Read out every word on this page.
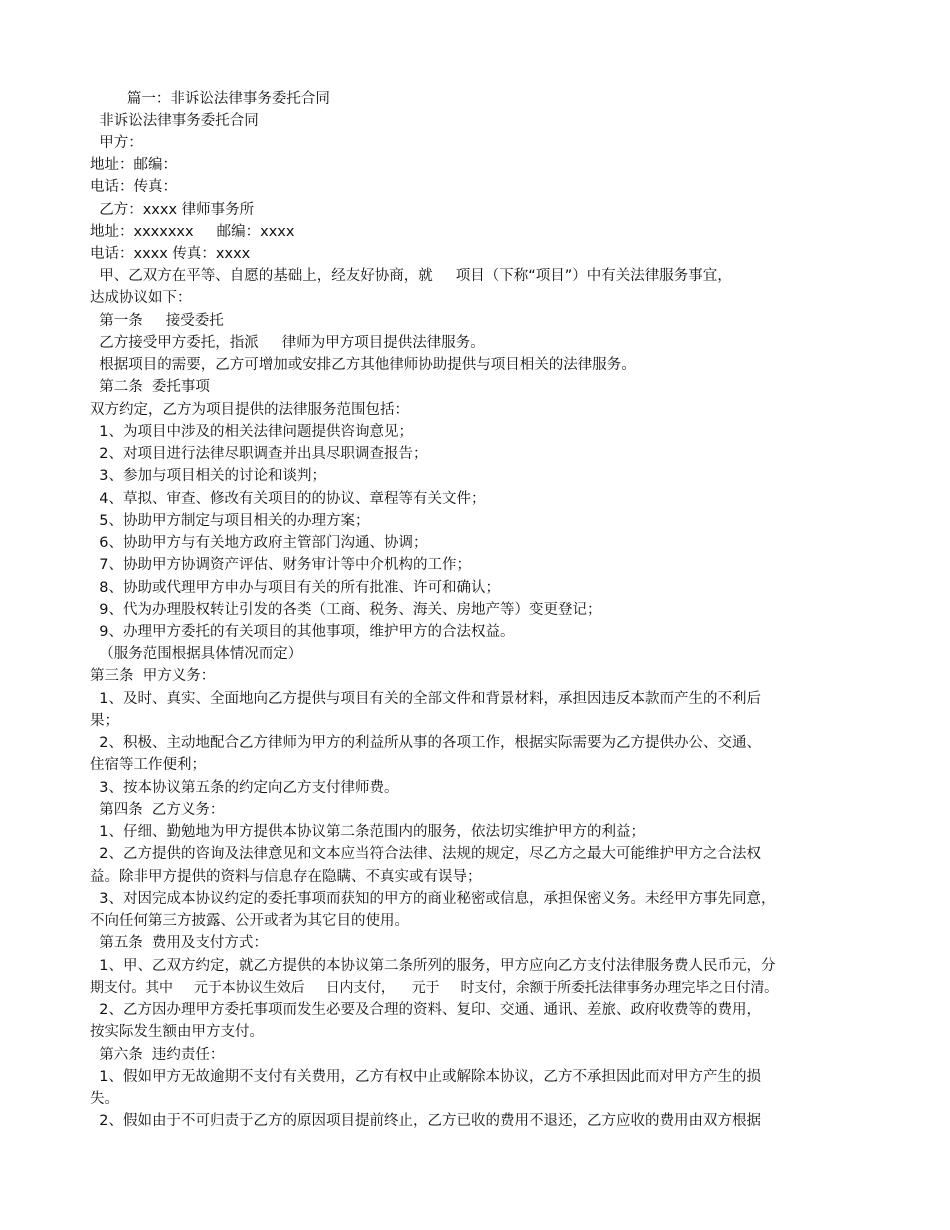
篇一：非诉讼法律事务委托合同
非诉讼法律事务委托合同
甲方：
地址：邮编：
电话：传真：
乙方：xxxx 律师事务所
地址：xxxxxxx     邮编：xxxx
电话：xxxx 传真：xxxx
甲、乙双方在平等、自愿的基础上，经友好协商，就     项目（下称“项目”）中有关法律服务事宜，
达成协议如下：
第一条     接受委托
乙方接受甲方委托，指派     律师为甲方项目提供法律服务。
根据项目的需要，乙方可增加或安排乙方其他律师协助提供与项目相关的法律服务。
第二条  委托事项
双方约定，乙方为项目提供的法律服务范围包括：
1、为项目中涉及的相关法律问题提供咨询意见；
2、对项目进行法律尽职调查并出具尽职调查报告；
3、参加与项目相关的讨论和谈判；
4、草拟、审查、修改有关项目的的协议、章程等有关文件；
5、协助甲方制定与项目相关的办理方案；
6、协助甲方与有关地方政府主管部门沟通、协调；
7、协助甲方协调资产评估、财务审计等中介机构的工作；
8、协助或代理甲方申办与项目有关的所有批准、许可和确认；
9、代为办理股权转让引发的各类（工商、税务、海关、房地产等）变更登记；
9、办理甲方委托的有关项目的其他事项，维护甲方的合法权益。
（服务范围根据具体情况而定）
第三条  甲方义务：
1、及时、真实、全面地向乙方提供与项目有关的全部文件和背景材料，承担因违反本款而产生的不利后
果；
2、积极、主动地配合乙方律师为甲方的利益所从事的各项工作，根据实际需要为乙方提供办公、交通、
住宿等工作便利；
3、按本协议第五条的约定向乙方支付律师费。
第四条  乙方义务：
1、仔细、勤勉地为甲方提供本协议第二条范围内的服务，依法切实维护甲方的利益；
2、乙方提供的咨询及法律意见和文本应当符合法律、法规的规定，尽乙方之最大可能维护甲方之合法权
益。除非甲方提供的资料与信息存在隐瞒、不真实或有误导；
3、对因完成本协议约定的委托事项而获知的甲方的商业秘密或信息，承担保密义务。未经甲方事先同意，
不向任何第三方披露、公开或者为其它目的使用。
第五条  费用及支付方式：
1、甲、乙双方约定，就乙方提供的本协议第二条所列的服务，甲方应向乙方支付法律服务费人民币元，分
期支付。其中     元于本协议生效后     日内支付，    元于     时支付，余额于所委托法律事务办理完毕之日付清。
2、乙方因办理甲方委托事项而发生必要及合理的资料、复印、交通、通讯、差旅、政府收费等的费用，
按实际发生额由甲方支付。
第六条  违约责任：
1、假如甲方无故逾期不支付有关费用，乙方有权中止或解除本协议，乙方不承担因此而对甲方产生的损
失。
2、假如由于不可归责于乙方的原因项目提前终止，乙方已收的费用不退还，乙方应收的费用由双方根据
